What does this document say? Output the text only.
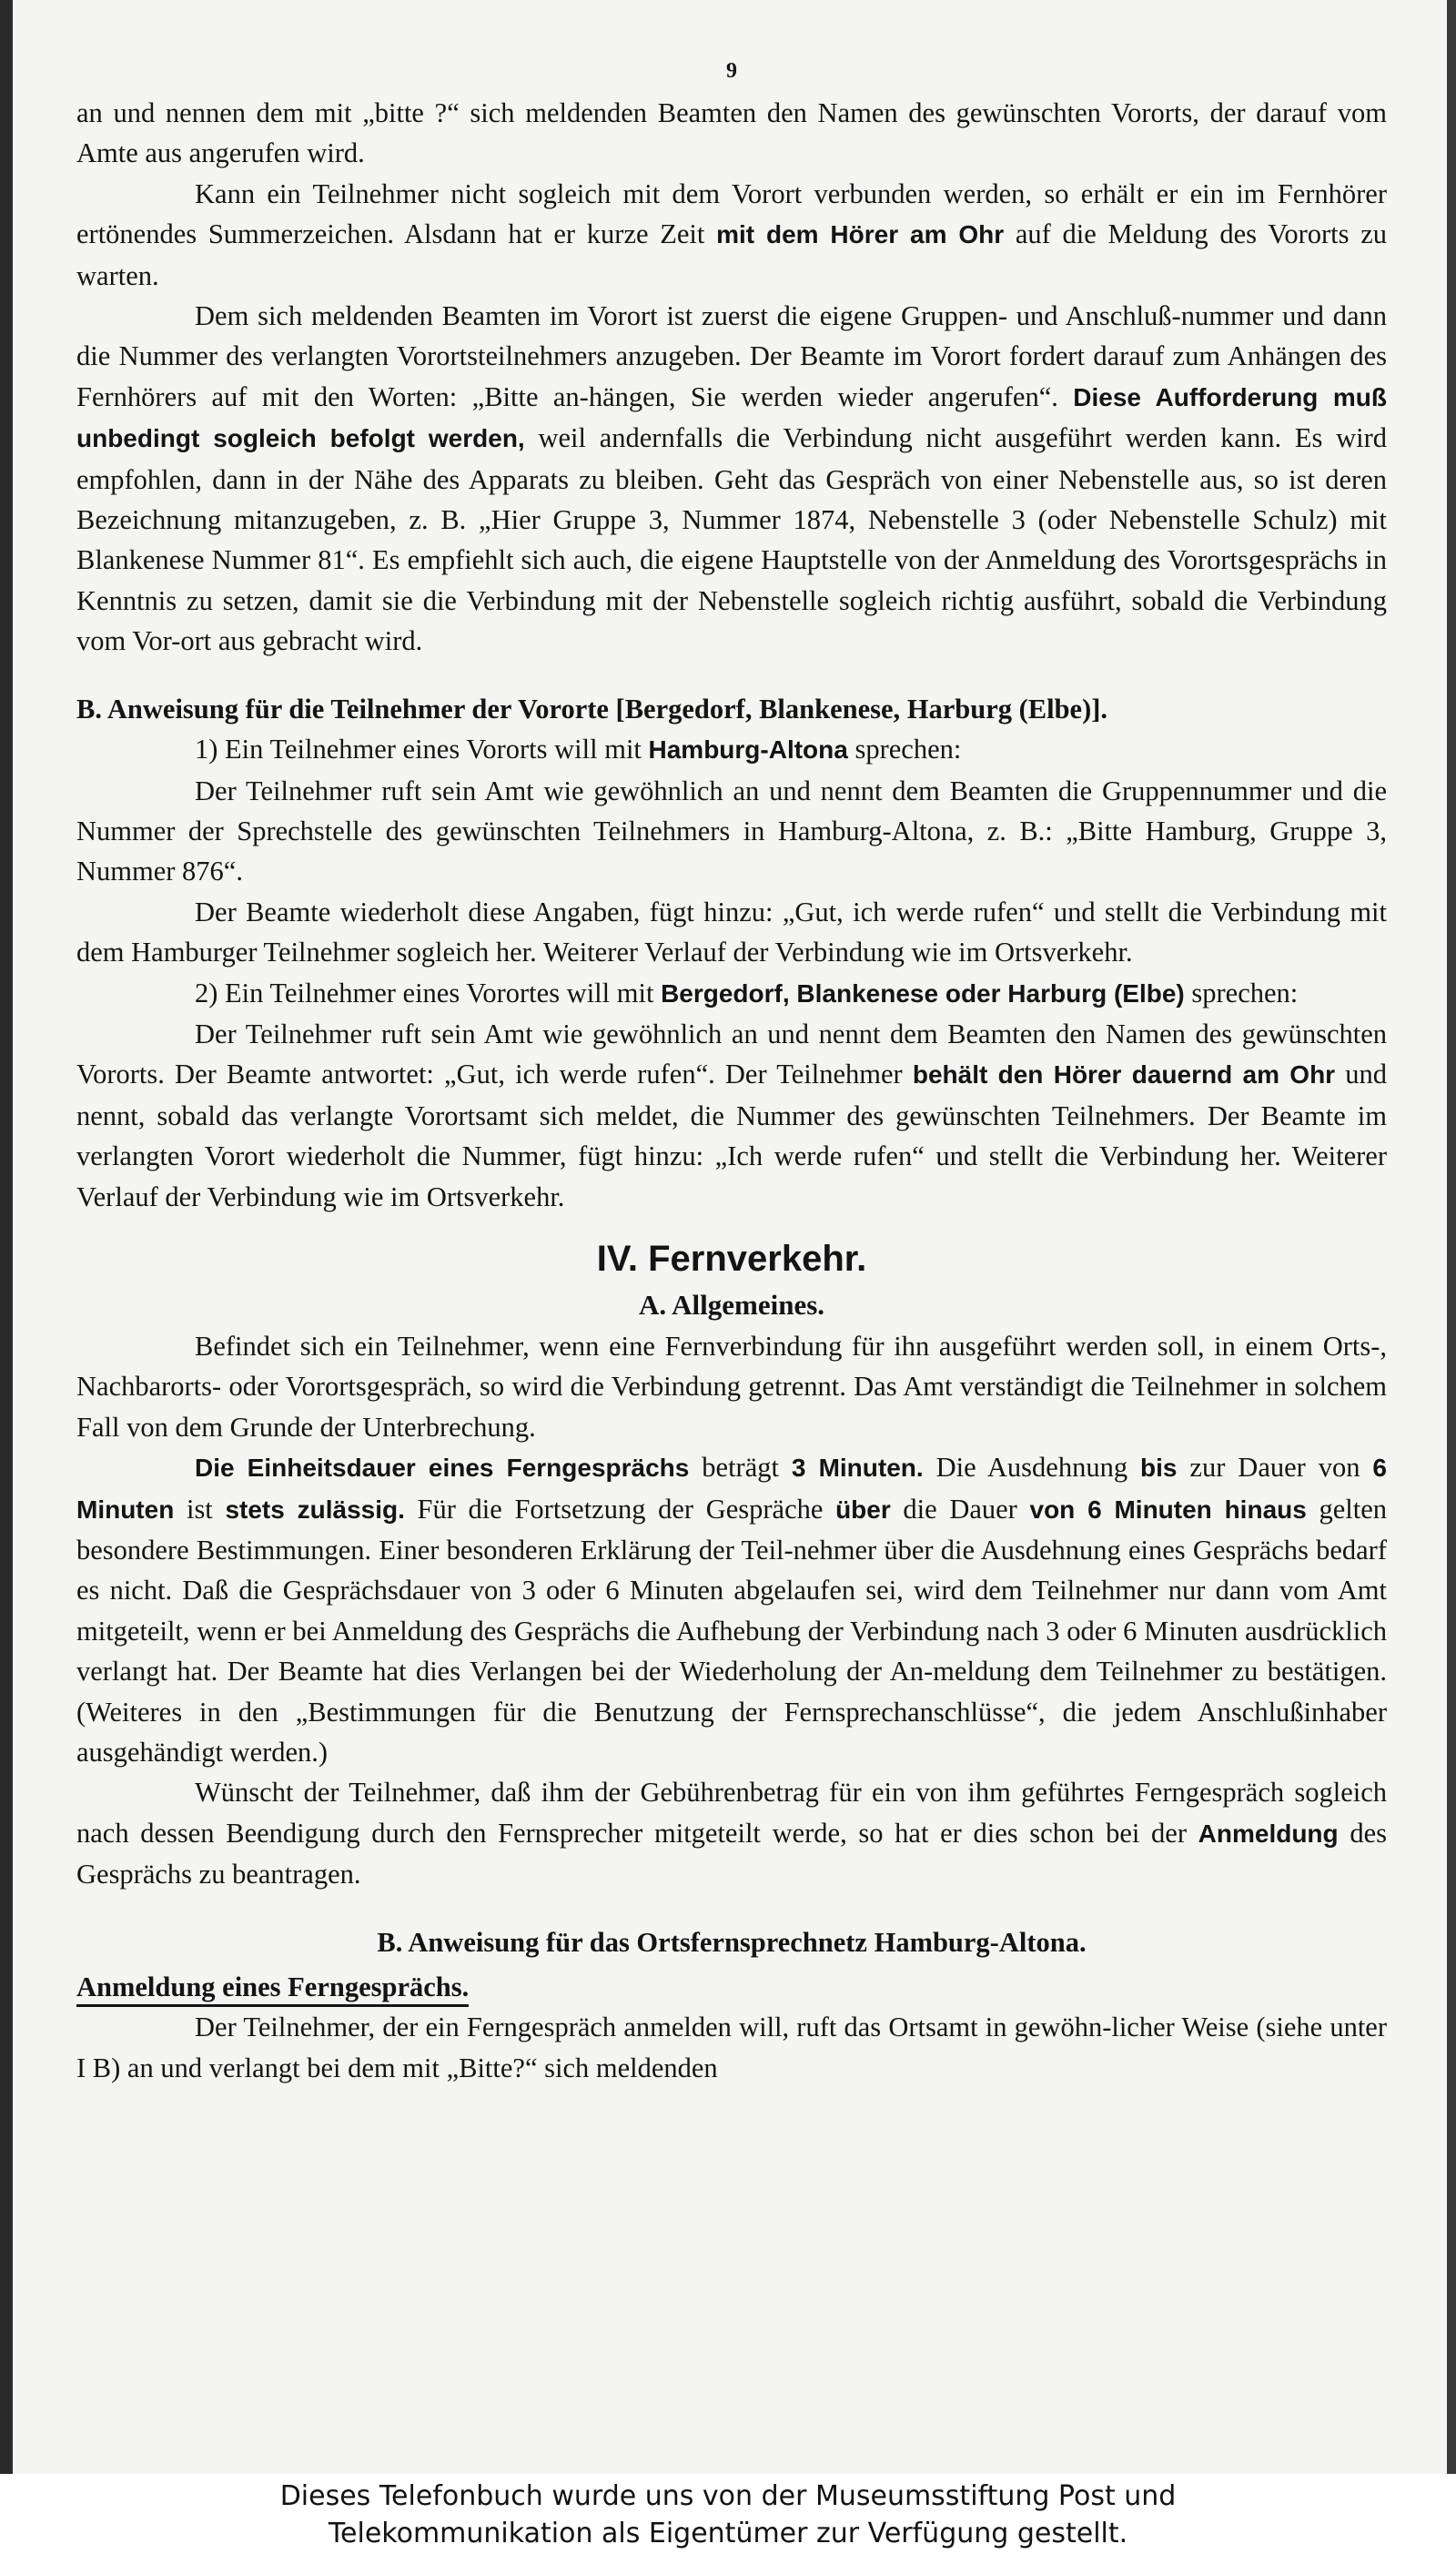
9

an und nennen dem mit „bitte ?“ sich meldenden Beamten den Namen des gewünschten Vororts, der darauf vom Amte aus angerufen wird.

Kann ein Teilnehmer nicht sogleich mit dem Vorort verbunden werden, so erhält er ein im Fernhörer ertönendes Summerzeichen. Alsdann hat er kurze Zeit mit dem Hörer am Ohr auf die Meldung des Vororts zu warten.

Dem sich meldenden Beamten im Vorort ist zuerst die eigene Gruppen- und Anschluß-nummer und dann die Nummer des verlangten Vorortsteilnehmers anzugeben. Der Beamte im Vorort fordert darauf zum Anhängen des Fernhörers auf mit den Worten: „Bitte an-hängen, Sie werden wieder angerufen“. Diese Aufforderung muß unbedingt sogleich befolgt werden, weil andernfalls die Verbindung nicht ausgeführt werden kann. Es wird empfohlen, dann in der Nähe des Apparats zu bleiben. Geht das Gespräch von einer Nebenstelle aus, so ist deren Bezeichnung mitanzugeben, z. B. „Hier Gruppe 3, Nummer 1874, Nebenstelle 3 (oder Nebenstelle Schulz) mit Blankenese Nummer 81“. Es empfiehlt sich auch, die eigene Hauptstelle von der Anmeldung des Vorortsgesprächs in Kenntnis zu setzen, damit sie die Verbindung mit der Nebenstelle sogleich richtig ausführt, sobald die Verbindung vom Vor-ort aus gebracht wird.

B. Anweisung für die Teilnehmer der Vororte [Bergedorf, Blankenese, Harburg (Elbe)].

1) Ein Teilnehmer eines Vororts will mit Hamburg-Altona sprechen:

Der Teilnehmer ruft sein Amt wie gewöhnlich an und nennt dem Beamten die Gruppennummer und die Nummer der Sprechstelle des gewünschten Teilnehmers in Hamburg-Altona, z. B.: „Bitte Hamburg, Gruppe 3, Nummer 876“.

Der Beamte wiederholt diese Angaben, fügt hinzu: „Gut, ich werde rufen“ und stellt die Verbindung mit dem Hamburger Teilnehmer sogleich her. Weiterer Verlauf der Verbindung wie im Ortsverkehr.

2) Ein Teilnehmer eines Vorortes will mit Bergedorf, Blankenese oder Harburg (Elbe) sprechen:

Der Teilnehmer ruft sein Amt wie gewöhnlich an und nennt dem Beamten den Namen des gewünschten Vororts. Der Beamte antwortet: „Gut, ich werde rufen“. Der Teilnehmer behält den Hörer dauernd am Ohr und nennt, sobald das verlangte Vorortsamt sich meldet, die Nummer des gewünschten Teilnehmers. Der Beamte im verlangten Vorort wiederholt die Nummer, fügt hinzu: „Ich werde rufen“ und stellt die Verbindung her. Weiterer Verlauf der Verbindung wie im Ortsverkehr.

IV. Fernverkehr.
A. Allgemeines.

Befindet sich ein Teilnehmer, wenn eine Fernverbindung für ihn ausgeführt werden soll, in einem Orts-, Nachbarorts- oder Vorortsgespräch, so wird die Verbindung getrennt. Das Amt verständigt die Teilnehmer in solchem Fall von dem Grunde der Unterbrechung.

Die Einheitsdauer eines Ferngesprächs beträgt 3 Minuten. Die Ausdehnung bis zur Dauer von 6 Minuten ist stets zulässig. Für die Fortsetzung der Gespräche über die Dauer von 6 Minuten hinaus gelten besondere Bestimmungen. Einer besonderen Erklärung der Teil-nehmer über die Ausdehnung eines Gesprächs bedarf es nicht. Daß die Gesprächsdauer von 3 oder 6 Minuten abgelaufen sei, wird dem Teilnehmer nur dann vom Amt mitgeteilt, wenn er bei Anmeldung des Gesprächs die Aufhebung der Verbindung nach 3 oder 6 Minuten ausdrücklich verlangt hat. Der Beamte hat dies Verlangen bei der Wiederholung der An-meldung dem Teilnehmer zu bestätigen. (Weiteres in den „Bestimmungen für die Benutzung der Fernsprechanschlüsse“, die jedem Anschlußinhaber ausgehändigt werden.)

Wünscht der Teilnehmer, daß ihm der Gebührenbetrag für ein von ihm geführtes Ferngespräch sogleich nach dessen Beendigung durch den Fernsprecher mitgeteilt werde, so hat er dies schon bei der Anmeldung des Gesprächs zu beantragen.

B. Anweisung für das Ortsfernsprechnetz Hamburg-Altona.
Anmeldung eines Ferngesprächs.

Der Teilnehmer, der ein Ferngespräch anmelden will, ruft das Ortsamt in gewöhn-licher Weise (siehe unter I B) an und verlangt bei dem mit „Bitte?“ sich meldenden

Dieses Telefonbuch wurde uns von der Museumsstiftung Post und
Telekommunikation als Eigentümer zur Verfügung gestellt.
